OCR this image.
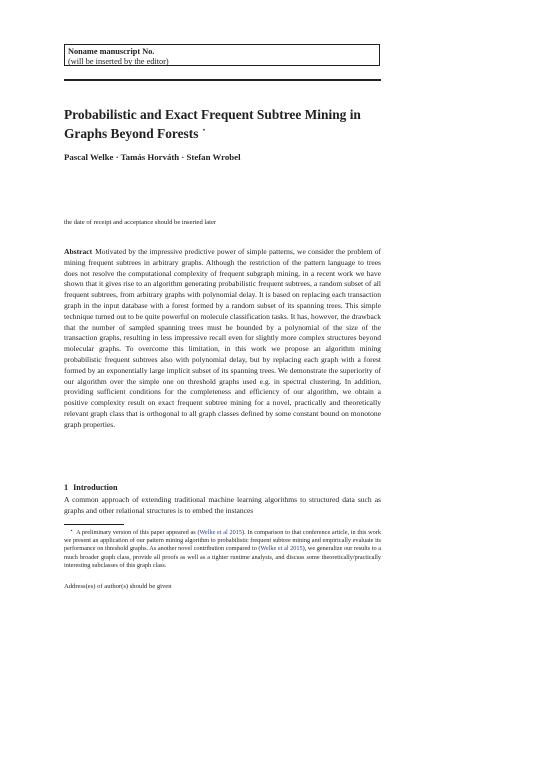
Noname manuscript No.
(will be inserted by the editor)
Probabilistic and Exact Frequent Subtree Mining in Graphs Beyond Forests ⋆
Pascal Welke · Tamás Horváth · Stefan Wrobel
the date of receipt and acceptance should be inserted later

Abstract Motivated by the impressive predictive power of simple patterns, we consider the problem of mining frequent subtrees in arbitrary graphs. Although the restriction of the pattern language to trees does not resolve the computational complexity of frequent subgraph mining, in a recent work we have shown that it gives rise to an algorithm generating probabilistic frequent subtrees, a random subset of all frequent subtrees, from arbitrary graphs with polynomial delay. It is based on replacing each transaction graph in the input database with a forest formed by a random subset of its spanning trees. This simple technique turned out to be quite powerful on molecule classification tasks. It has, however, the drawback that the number of sampled spanning trees must be bounded by a polynomial of the size of the transaction graphs, resulting in less impressive recall even for slightly more complex structures beyond molecular graphs. To overcome this limitation, in this work we propose an algorithm mining probabilistic frequent subtrees also with polynomial delay, but by replacing each graph with a forest formed by an exponentially large implicit subset of its spanning trees. We demonstrate the superiority of our algorithm over the simple one on threshold graphs used e.g. in spectral clustering. In addition, providing sufficient conditions for the completeness and efficiency of our algorithm, we obtain a positive complexity result on exact frequent subtree mining for a novel, practically and theoretically relevant graph class that is orthogonal to all graph classes defined by some constant bound on monotone graph properties.

1 Introduction

A common approach of extending traditional machine learning algorithms to structured data such as graphs and other relational structures is to embed the instances

⋆ A preliminary version of this paper appeared as (Welke et al 2015). In comparison to that conference article, in this work we present an application of our pattern mining algorithm to probabilistic frequent subtree mining and empirically evaluate its performance on threshold graphs. As another novel contribution compared to (Welke et al 2015), we generalize our results to a much broader graph class, provide all proofs as well as a tighter runtime analysis, and discuss some theoretically/practically interesting subclasses of this graph class.

Address(es) of author(s) should be given
